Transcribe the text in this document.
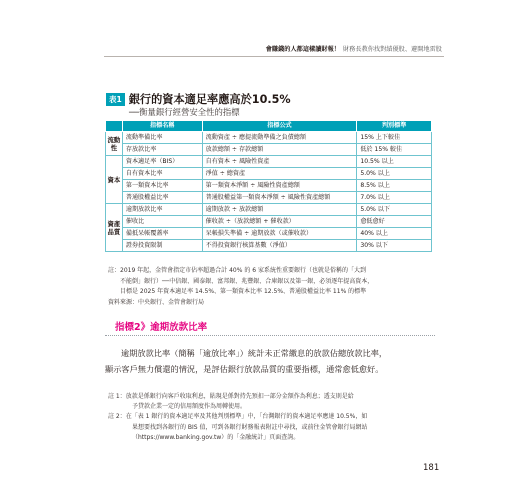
會賺錢的人都這樣讀財報！ 財務長教你找對績優股、避開地雷股
表1 銀行的資本適足率應高於10.5%
──衡量銀行經營安全性的指標
	指標名稱	指標公式	判別標準
流動性	流動準備比率	流動資產 ÷ 應提流動準備之負債總額	15% 上下較佳
	存放款比率	放款總額 ÷ 存款總額	低於 15% 較佳
資本	資本適足率（BIS）	自有資本 ÷ 風險性資產	10.5% 以上
	自有資本比率	淨值 ÷ 總資產	5.0% 以上
	第一類資本比率	第一類資本淨額 ÷ 風險性資產總額	8.5% 以上
	普通股權益比率	普通股權益第一類資本淨額 ÷ 風險性資產總額	7.0% 以上
資產品質	逾期放款比率	逾期放款 ÷ 放款總額	5.0% 以下
	催收比	催收款 ÷（放款總額 + 催收款）	愈低愈好
	備抵呆帳覆蓋率	呆帳損失準備 ÷ 逾期放款（或催收款）	40% 以上
	證券投資限制	不得投資銀行核算基數（淨值）	30% 以下
註：2019 年起，金管會指定市佔率超過合計 40% 的 6 家系統性重要銀行（也就是俗稱的「大到
不能倒」銀行）──中信銀、國泰銀、富邦銀、兆豐銀、合庫銀以及第一銀，必須逐年提高資本，
目標是 2025 年資本適足率 14.5%、第一類資本比率 12.5%、普通股權益比率 11% 的標準
資料來源：中央銀行、金管會銀行局
指標2》逾期放款比率
逾期放款比率（簡稱「逾放比率」）統計未正常繳息的放款佔總放款比率，
顯示客戶無力償還的情況，是評估銀行放款品質的重要指標，通常愈低愈好。
註 1：放款是係銀行向客戶收取利息，貼現是係對持先預扣一部分金額作為利息；透支則是給
予貸款企業一定的信用額度作為周轉使用。
註 2：在「表 1 銀行的資本適足率及其他判別標準」中，「台灣銀行的資本適足率應達 10.5%，如
果想要找到各銀行的 BIS 值，可到各銀行財務報表附註中尋找，或前往金管會銀行局網站
（https://www.banking.gov.tw）的「金融統計」頁面查詢。
181
